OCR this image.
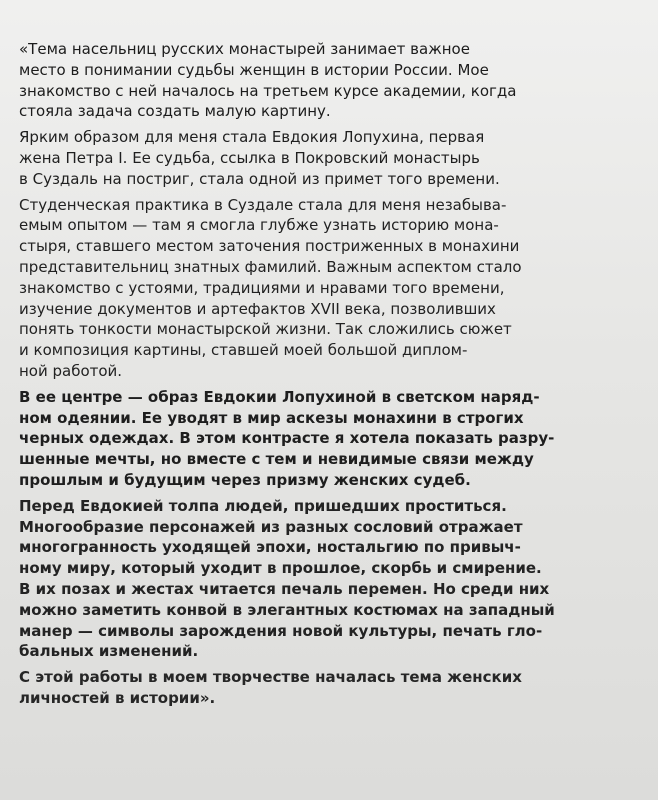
«Тема насельниц русских монастырей занимает важное
место в понимании судьбы женщин в истории России. Мое
знакомство с ней началось на третьем курсе академии, когда
стояла задача создать малую картину.

Ярким образом для меня стала Евдокия Лопухина, первая
жена Петра I. Ее судьба, ссылка в Покровский монастырь
в Суздаль на постриг, стала одной из примет того времени.

Студенческая практика в Суздале стала для меня незабыва-
емым опытом — там я смогла глубже узнать историю мона-
стыря, ставшего местом заточения постриженных в монахини
представительниц знатных фамилий. Важным аспектом стало
знакомство с устоями, традициями и нравами того времени,
изучение документов и артефактов XVII века, позволивших
понять тонкости монастырской жизни. Так сложились сюжет
и композиция картины, ставшей моей большой диплом-
ной работой.

В ее центре — образ Евдокии Лопухиной в светском наряд-
ном одеянии. Ее уводят в мир аскезы монахини в строгих
черных одеждах. В этом контрасте я хотела показать разру-
шенные мечты, но вместе с тем и невидимые связи между
прошлым и будущим через призму женских судеб.

Перед Евдокией толпа людей, пришедших проститься.
Многообразие персонажей из разных сословий отражает
многогранность уходящей эпохи, ностальгию по привыч-
ному миру, который уходит в прошлое, скорбь и смирение.
В их позах и жестах читается печаль перемен. Но среди них
можно заметить конвой в элегантных костюмах на западный
манер — символы зарождения новой культуры, печать гло-
бальных изменений.

С этой работы в моем творчестве началась тема женских
личностей в истории».
